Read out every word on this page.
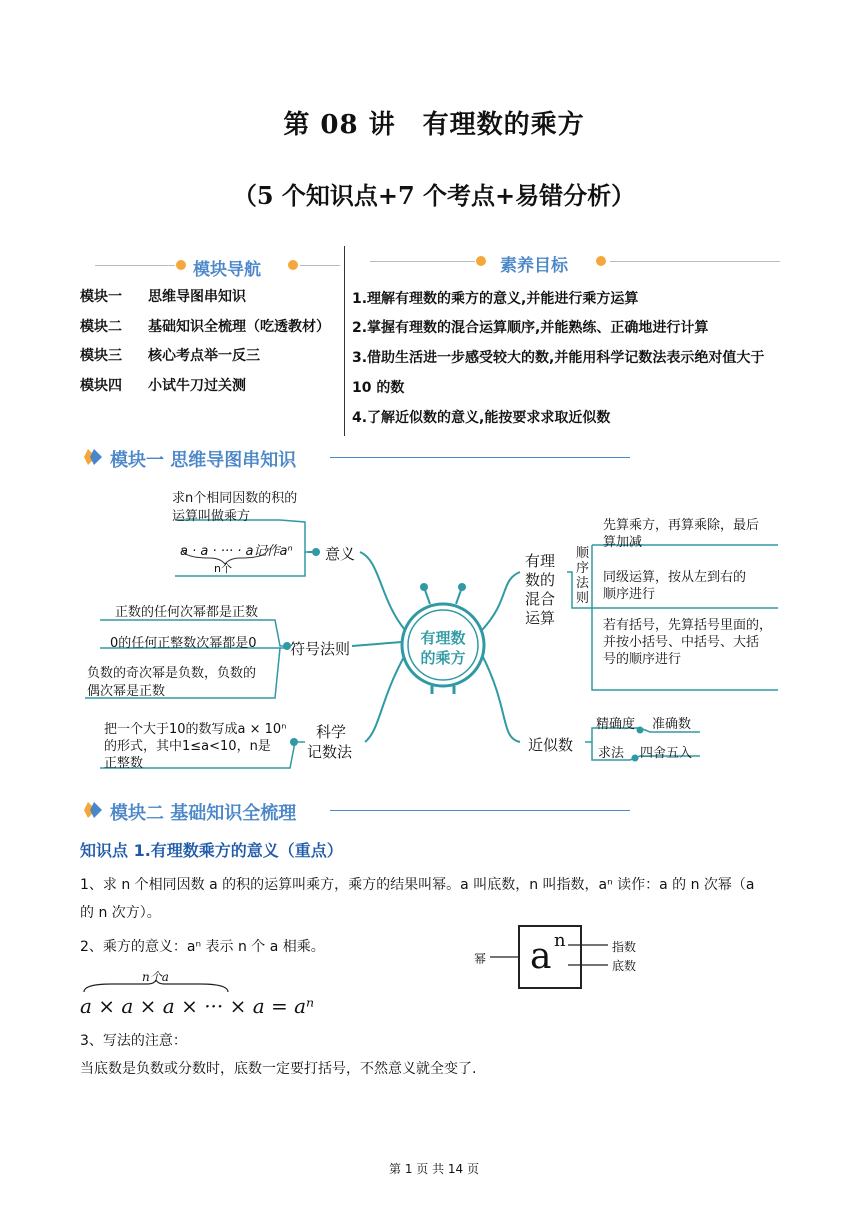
第 08 讲　有理数的乘方
（5 个知识点+7 个考点+易错分析）
模块导航
模块一 思维导图串知识
模块二 基础知识全梳理（吃透教材）
模块三 核心考点举一反三
模块四 小试牛刀过关测
素养目标
1.理解有理数的乘方的意义,并能进行乘方运算
2.掌握有理数的混合运算顺序,并能熟练、正确地进行计算
3.借助生活进一步感受较大的数,并能用科学记数法表示绝对值大于　10 的数
4.了解近似数的意义,能按要求求取近似数
模块一 思维导图串知识
有理数
的乘方
意义
求n个相同因数的积的
运算叫做乘方
a · a · ··· · a记作aⁿ
n个
符号法则
正数的任何次幂都是正数
0的任何正整数次幂都是0
负数的奇次幂是负数，负数的
偶次幂是正数
科学
记数法
把一个大于10的数写成a × 10ⁿ
的形式，其中1≤a<10，n是
正整数
有理
数的
混合
运算
顺
序
法
则
先算乘方，再算乘除，最后
算加减
同级运算，按从左到右的
顺序进行
若有括号，先算括号里面的，
并按小括号、中括号、大括
号的顺序进行
近似数
精确度 准确数
求法 四舍五入
模块二 基础知识全梳理
知识点 1.有理数乘方的意义（重点）
1、求 n 个相同因数 a 的积的运算叫乘方，乘方的结果叫幂。a 叫底数，n 叫指数，aⁿ 读作：a 的 n 次幂（a
的 n 次方）。
2、乘方的意义：aⁿ 表示 n 个 a 相乘。
n个a
a × a × a × ··· × a = aⁿ
3、写法的注意：
当底数是负数或分数时，底数一定要打括号，不然意义就全变了.
a n
幂
指数
底数
第 1 页 共 14 页
